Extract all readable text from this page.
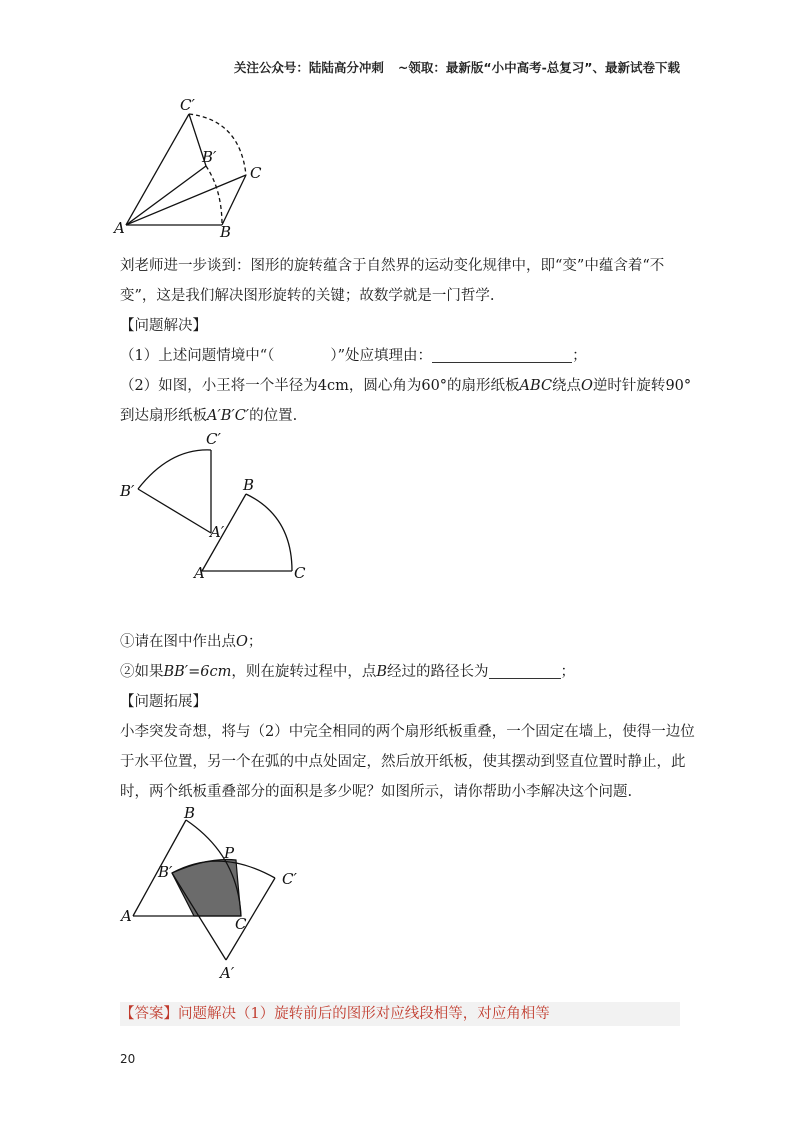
关注公众号：陆陆高分冲刺 ~领取：最新版“小中高考-总复习”、最新试卷下载
C′
B′
C
A	B
刘老师进一步谈到：图形的旋转蕴含于自然界的运动变化规律中，即“变”中蕴含着“不
变”，这是我们解决图形旋转的关键；故数学就是一门哲学.
【问题解决】
（1）上述问题情境中“（	）”处应填理由：	；
（2）如图，小王将一个半径为4cm，圆心角为60°的扇形纸板ABC绕点O逆时针旋转90°
到达扇形纸板A′B′C′的位置.
C′
B′	B
A′
A	C
①请在图中作出点O；
②如果BB′=6cm，则在旋转过程中，点B经过的路径长为	；
【问题拓展】
小李突发奇想，将与（2）中完全相同的两个扇形纸板重叠，一个固定在墙上，使得一边位
于水平位置，另一个在弧的中点处固定，然后放开纸板，使其摆动到竖直位置时静止，此
时，两个纸板重叠部分的面积是多少呢？如图所示，请你帮助小李解决这个问题.
B
P
B′	C′
A	C
A′
【答案】问题解决（1）旋转前后的图形对应线段相等，对应角相等
20
